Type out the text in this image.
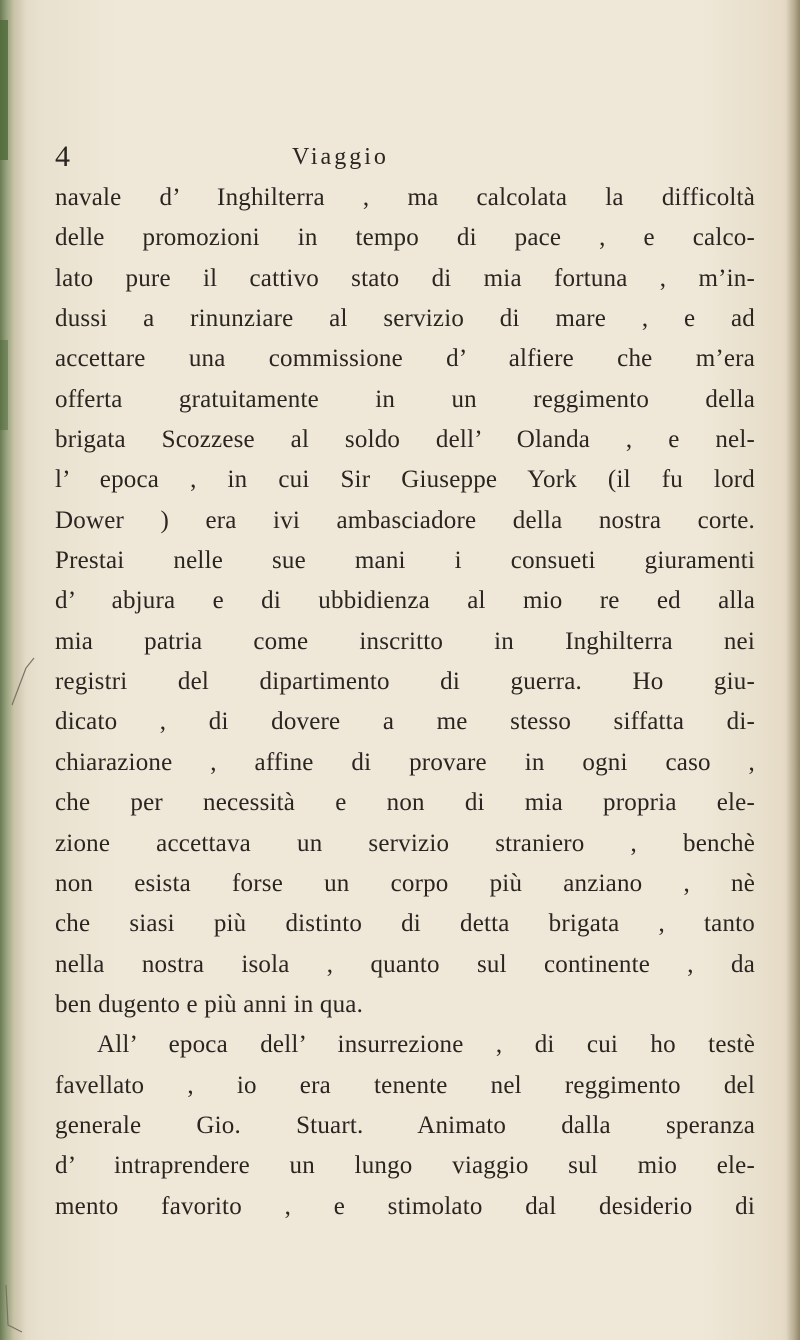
4	Viaggio
navale d’ Inghilterra , ma calcolata la difficoltà
delle promozioni in tempo di pace , e calco-
lato pure il cattivo stato di mia fortuna , m’in-
dussi a rinunziare al servizio di mare , e ad
accettare una commissione d’ alfiere che m’era
offerta gratuitamente in un reggimento della
brigata Scozzese al soldo dell’ Olanda , e nel-
l’ epoca , in cui Sir Giuseppe York (il fu lord
Dower ) era ivi ambasciadore della nostra corte.
Prestai nelle sue mani i consueti giuramenti
d’ abjura e di ubbidienza al mio re ed alla
mia patria come inscritto in Inghilterra nei
registri del dipartimento di guerra. Ho giu-
dicato , di dovere a me stesso siffatta di-
chiarazione , affine di provare in ogni caso ,
che per necessità e non di mia propria ele-
zione accettava un servizio straniero , benchè
non esista forse un corpo più anziano , nè
che siasi più distinto di detta brigata , tanto
nella nostra isola , quanto sul continente , da
ben dugento e più anni in qua.
All’ epoca dell’ insurrezione , di cui ho testè
favellato , io era tenente nel reggimento del
generale Gio. Stuart. Animato dalla speranza
d’ intraprendere un lungo viaggio sul mio ele-
mento favorito , e stimolato dal desiderio di
